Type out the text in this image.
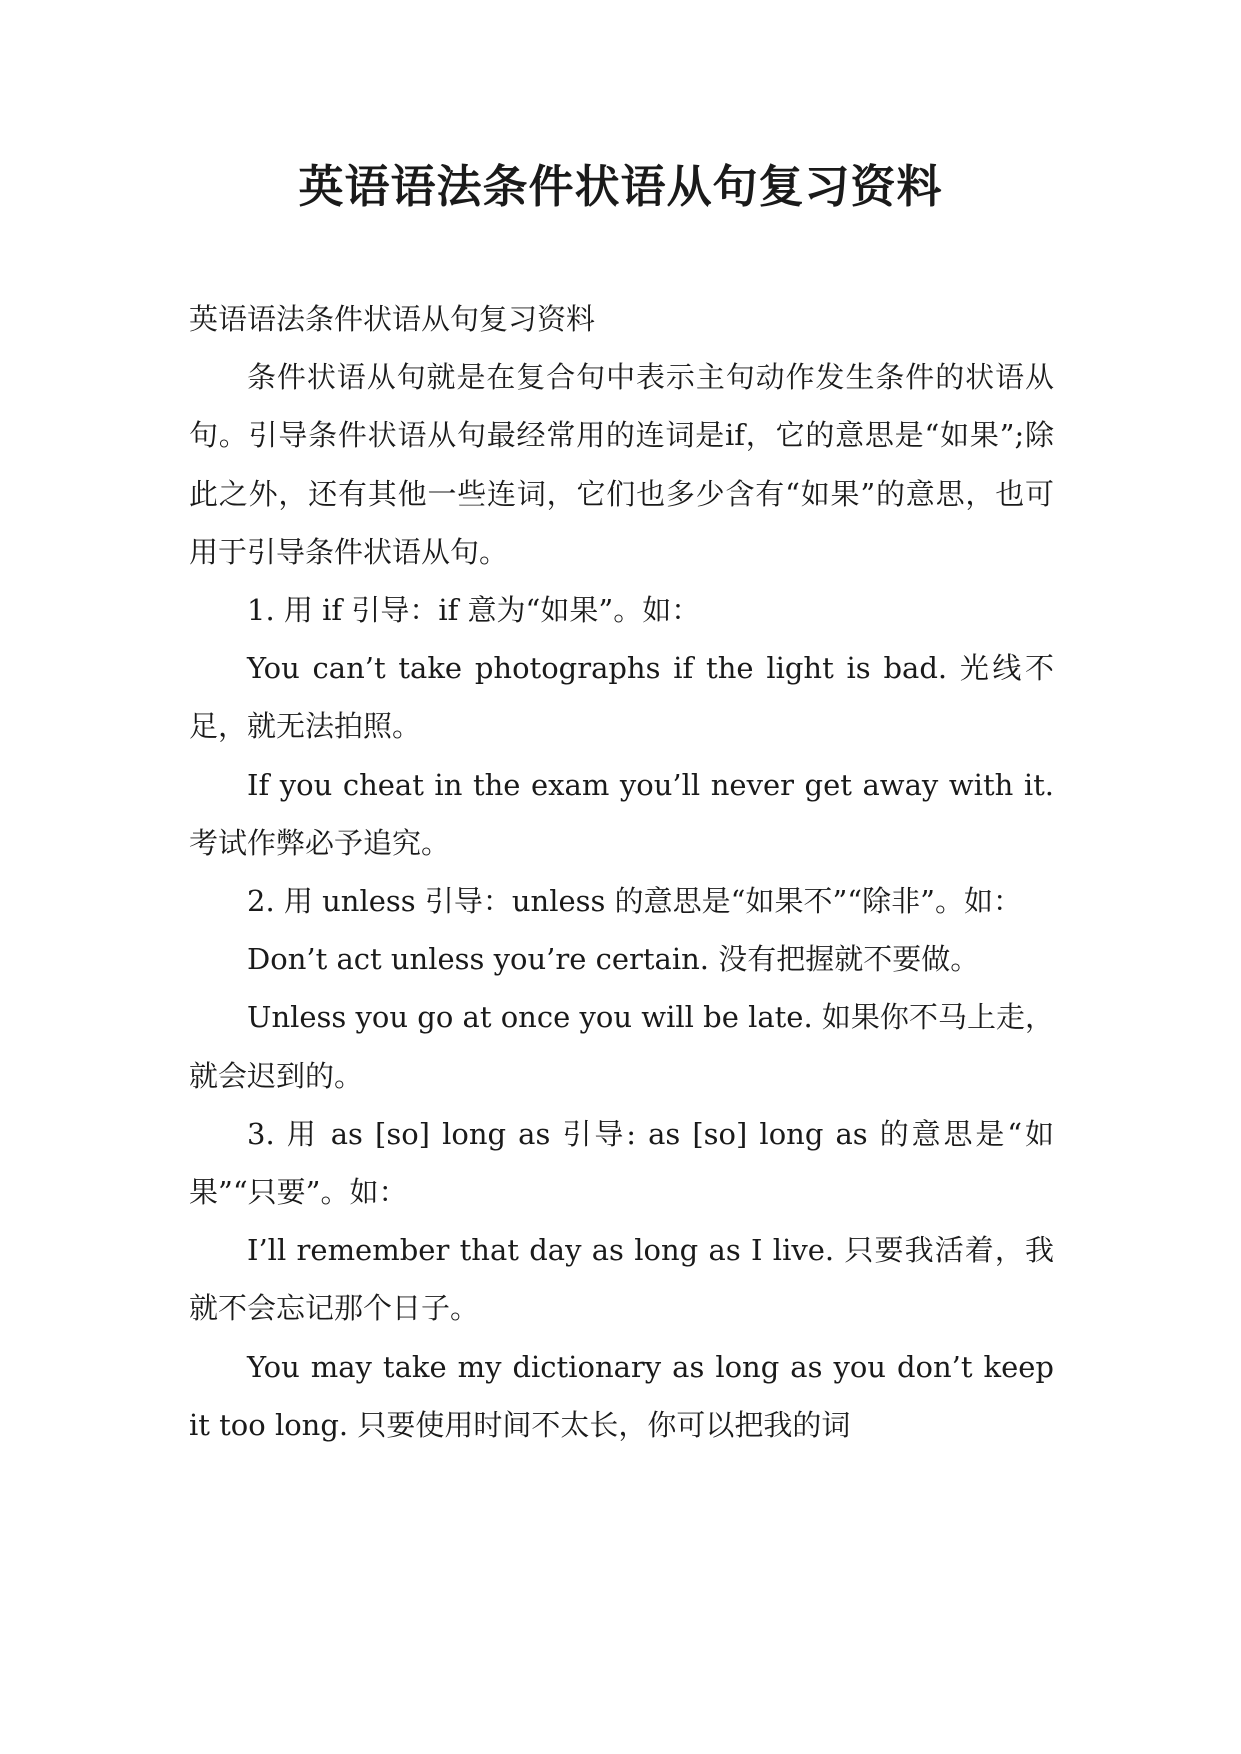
英语语法条件状语从句复习资料

英语语法条件状语从句复习资料

条件状语从句就是在复合句中表示主句动作发生条件的状语从句。引导条件状语从句最经常用的连词是if，它的意思是“如果”;除此之外，还有其他一些连词，它们也多少含有“如果”的意思，也可用于引导条件状语从句。

1. 用 if 引导：if 意为“如果”。如：

You can’t take photographs if the light is bad. 光线不足，就无法拍照。

If you cheat in the exam you’ll never get away with it. 考试作弊必予追究。

2. 用 unless 引导：unless 的意思是“如果不”“除非”。如：

Don’t act unless you’re certain. 没有把握就不要做。

Unless you go at once you will be late. 如果你不马上走，就会迟到的。

3. 用 as [so] long as 引导: as [so] long as 的意思是“如果”“只要”。如：

I’ll remember that day as long as I live. 只要我活着，我就不会忘记那个日子。

You may take my dictionary as long as you don’t keep it too long. 只要使用时间不太长，你可以把我的词
